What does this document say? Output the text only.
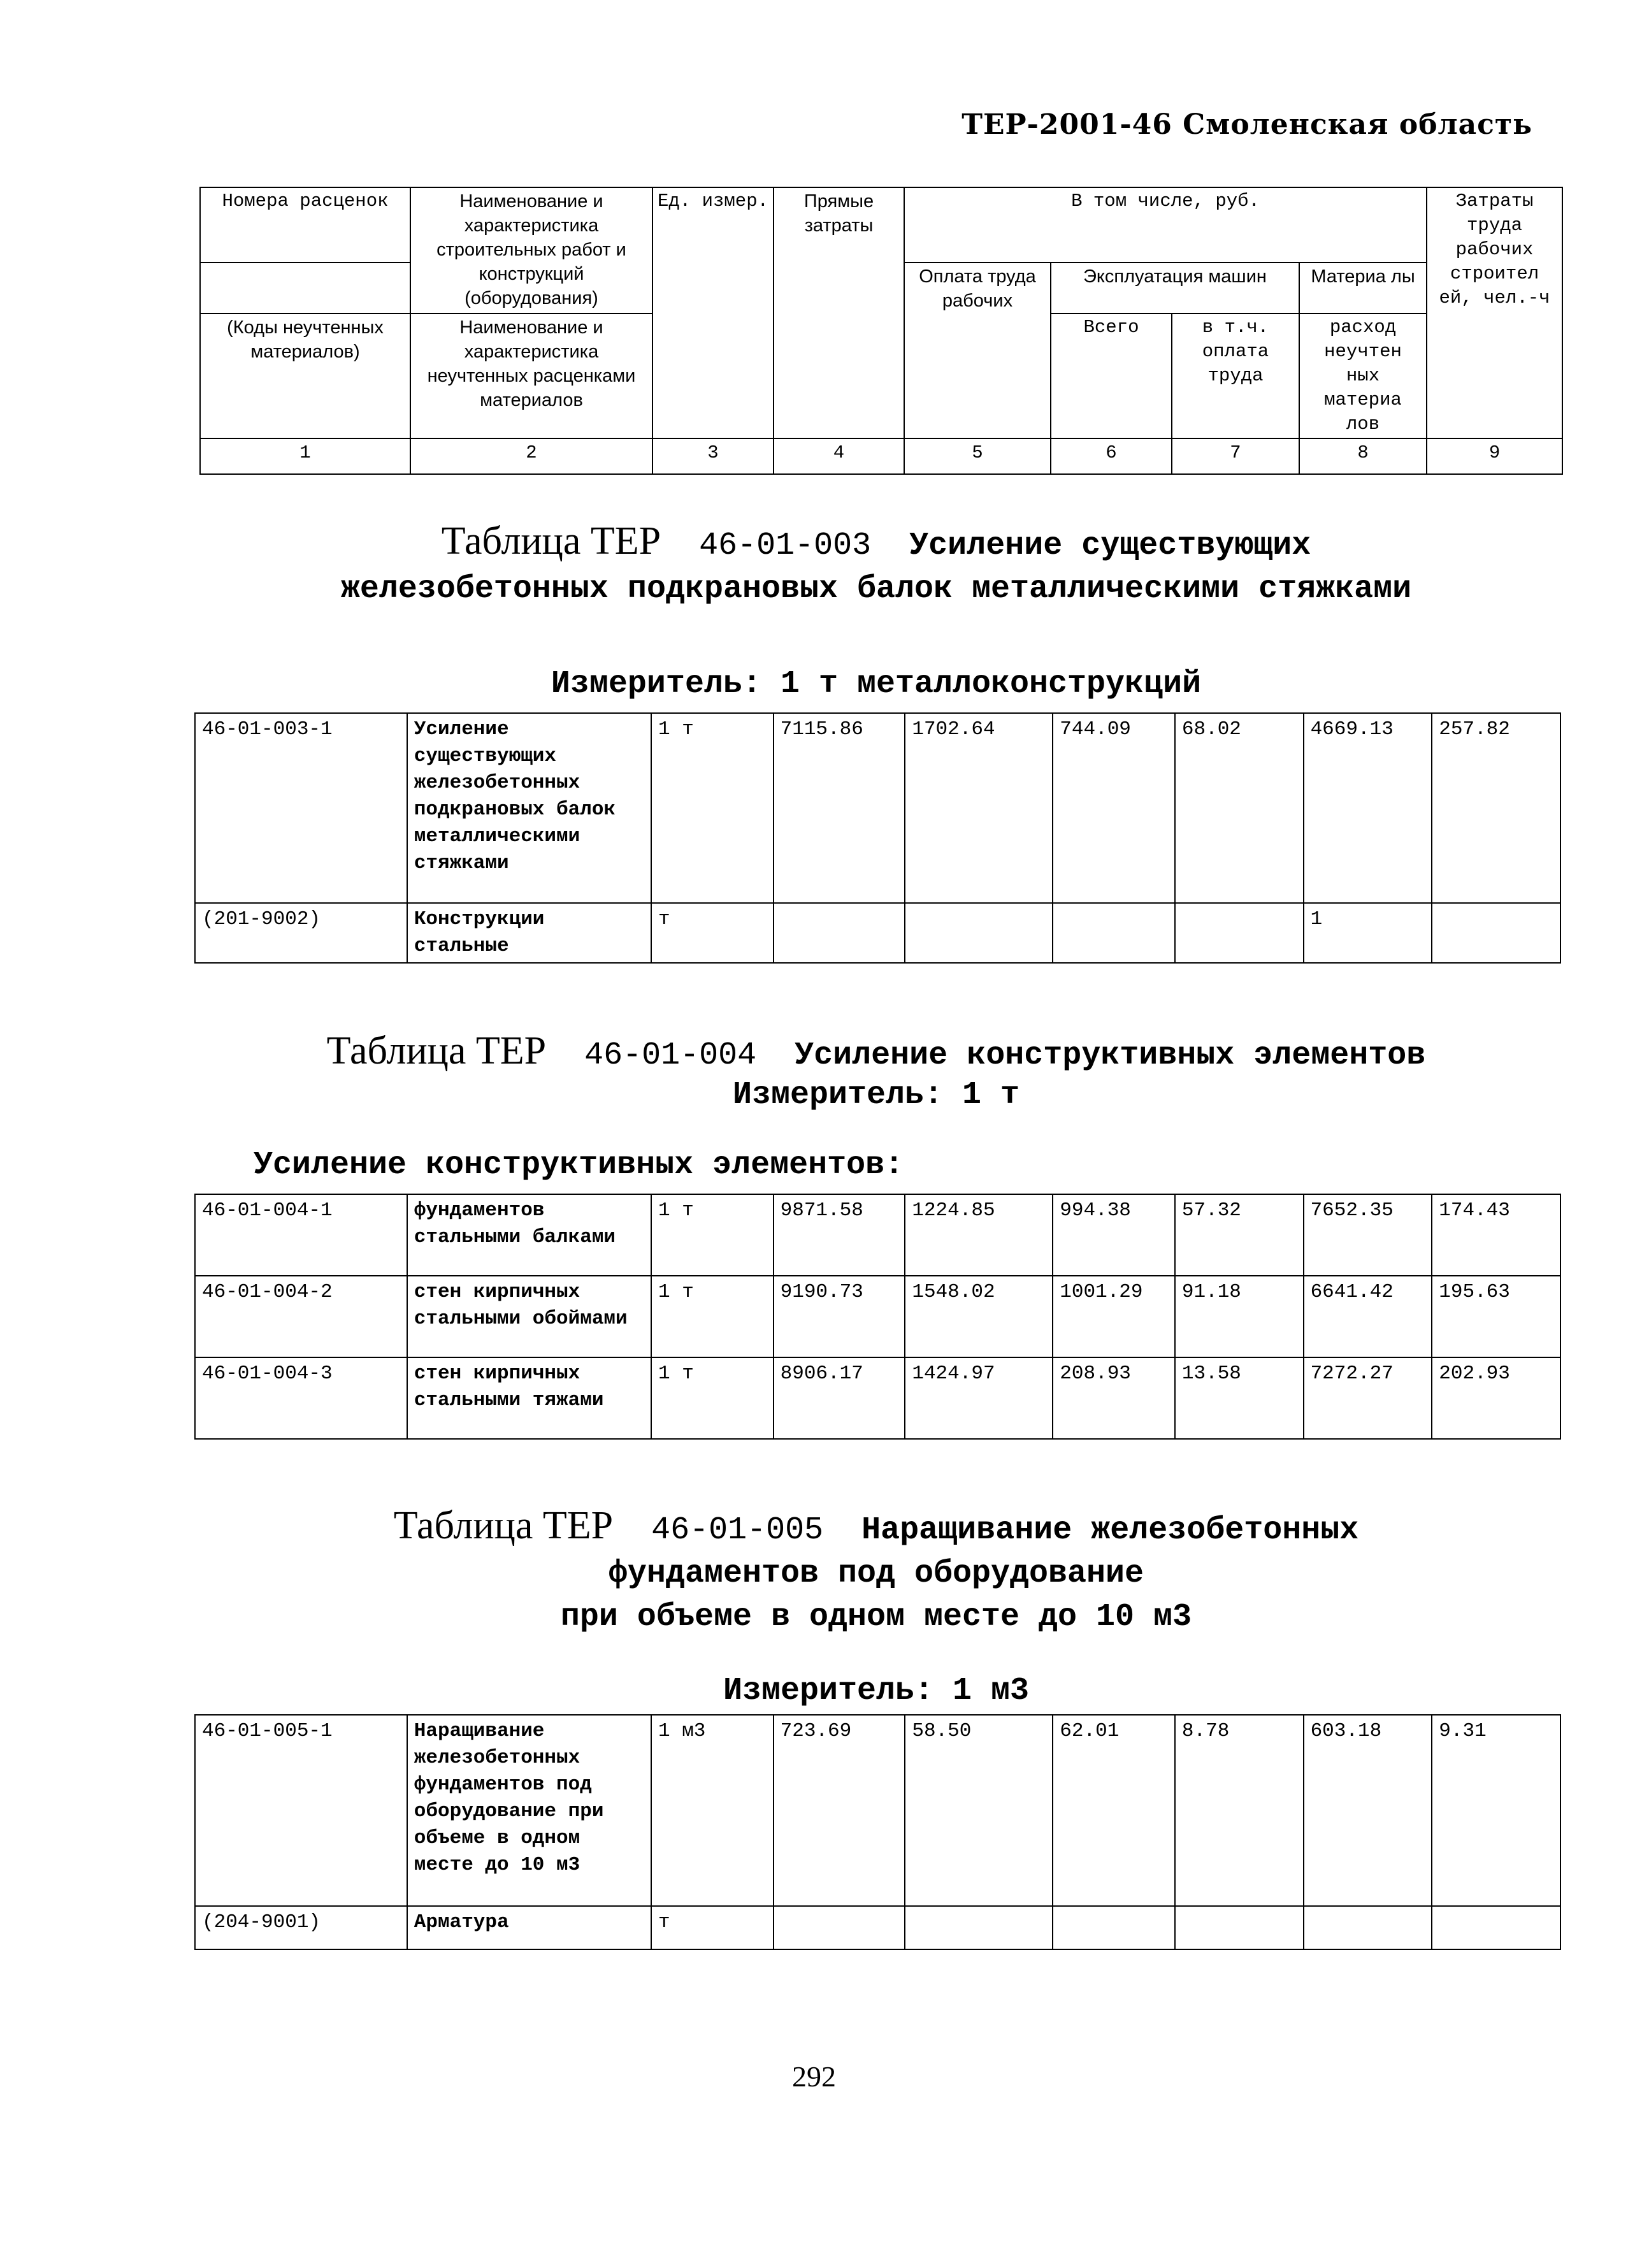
ТЕР-2001-46 Смоленская область
Номера расценок	Наименование и характеристика строительных работ и конструкций (оборудования)	Ед. измер.	Прямые затраты	В том числе, руб.				Затраты труда рабочих строител ей, чел.-ч
				Оплата труда рабочих	Эксплуатация машин		Материа лы	
(Коды неучтенных материалов)	Наименование и характеристика неучтенных расценками материалов				Всего	в т.ч. оплата труда	расход неучтен ных материа лов	
1	2	3	4	5	6	7	8	9
Таблица ТЕР 46-01-003 Усиление существующих
железобетонных подкрановых балок металлическими стяжками
Измеритель: 1 т металлоконструкций
46-01-003-1	Усиление существующих железобетонных подкрановых балок металлическими стяжками	1 т	7115.86	1702.64	744.09	68.02	4669.13	257.82
(201-9002)	Конструкции стальные	т					1	
Таблица ТЕР 46-01-004 Усиление конструктивных элементов
Измеритель: 1 т
Усиление конструктивных элементов:
46-01-004-1	фундаментов стальными балками	1 т	9871.58	1224.85	994.38	57.32	7652.35	174.43
46-01-004-2	стен кирпичных стальными обоймами	1 т	9190.73	1548.02	1001.29	91.18	6641.42	195.63
46-01-004-3	стен кирпичных стальными тяжами	1 т	8906.17	1424.97	208.93	13.58	7272.27	202.93
Таблица ТЕР 46-01-005 Наращивание железобетонных
фундаментов под оборудование
при объеме в одном месте до 10 м3
Измеритель: 1 м3
46-01-005-1	Наращивание железобетонных фундаментов под оборудование при объеме в одном месте до 10 м3	1 м3	723.69	58.50	62.01	8.78	603.18	9.31
(204-9001)	Арматура	т						
292
